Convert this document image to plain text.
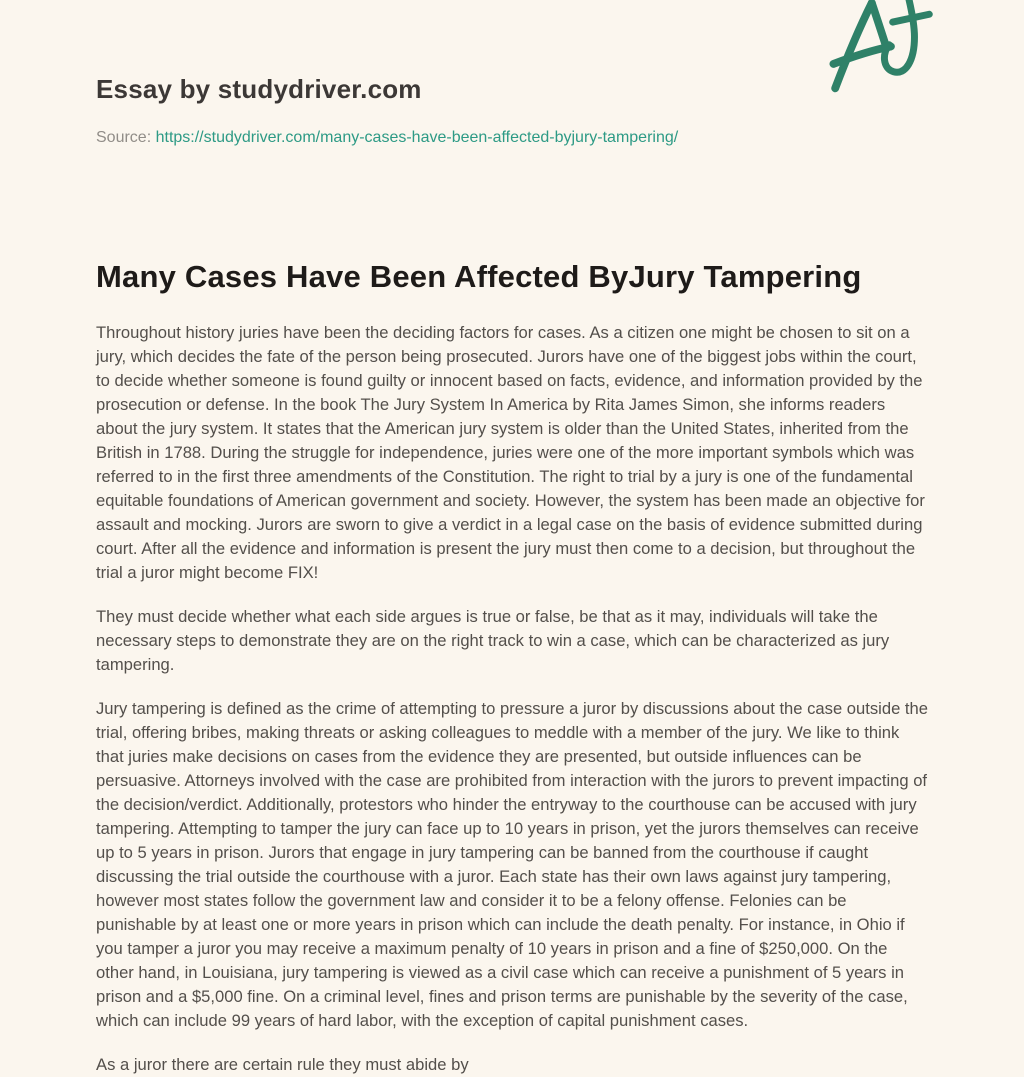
Essay by studydriver.com
Source: https://studydriver.com/many-cases-have-been-affected-byjury-tampering/
Many Cases Have Been Affected ByJury Tampering

Throughout history juries have been the deciding factors for cases. As a citizen one might be chosen to sit on a jury, which decides the fate of the person being prosecuted. Jurors have one of the biggest jobs within the court, to decide whether someone is found guilty or innocent based on facts, evidence, and information provided by the prosecution or defense. In the book The Jury System In America by Rita James Simon, she informs readers about the jury system. It states that the American jury system is older than the United States, inherited from the British in 1788. During the struggle for independence, juries were one of the more important symbols which was referred to in the first three amendments of the Constitution. The right to trial by a jury is one of the fundamental equitable foundations of American government and society. However, the system has been made an objective for assault and mocking. Jurors are sworn to give a verdict in a legal case on the basis of evidence submitted during court. After all the evidence and information is present the jury must then come to a decision, but throughout the trial a juror might become FIX!

They must decide whether what each side argues is true or false, be that as it may, individuals will take the necessary steps to demonstrate they are on the right track to win a case, which can be characterized as jury tampering.

Jury tampering is defined as the crime of attempting to pressure a juror by discussions about the case outside the trial, offering bribes, making threats or asking colleagues to meddle with a member of the jury. We like to think that juries make decisions on cases from the evidence they are presented, but outside influences can be persuasive. Attorneys involved with the case are prohibited from interaction with the jurors to prevent impacting of the decision/verdict. Additionally, protestors who hinder the entryway to the courthouse can be accused with jury tampering. Attempting to tamper the jury can face up to 10 years in prison, yet the jurors themselves can receive up to 5 years in prison. Jurors that engage in jury tampering can be banned from the courthouse if caught discussing the trial outside the courthouse with a juror. Each state has their own laws against jury tampering, however most states follow the government law and consider it to be a felony offense. Felonies can be punishable by at least one or more years in prison which can include the death penalty. For instance, in Ohio if you tamper a juror you may receive a maximum penalty of 10 years in prison and a fine of $250,000. On the other hand, in Louisiana, jury tampering is viewed as a civil case which can receive a punishment of 5 years in prison and a $5,000 fine. On a criminal level, fines and prison terms are punishable by the severity of the case, which can include 99 years of hard labor, with the exception of capital punishment cases.

As a juror there are certain rule they must abide by
